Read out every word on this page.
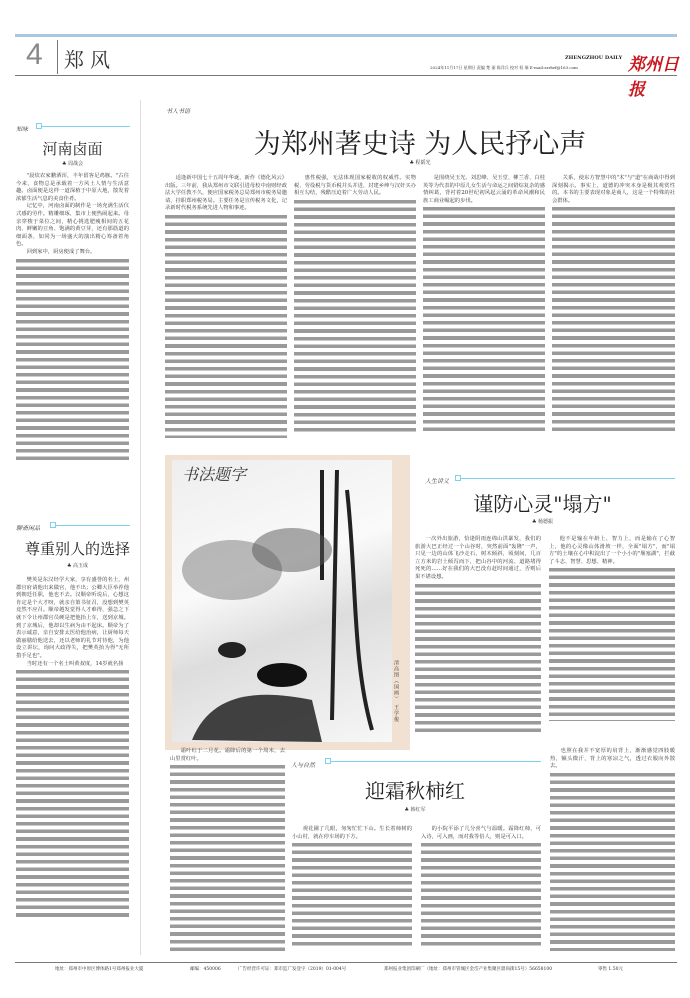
4 郑风	ZHENGZHOU DAILY
2024年11月17日 星期日 责编 楚 丽 陈洋兵 校对 权 瑞 E-mail:zzrbzf@163.com	郑州日报
知味
河南卤面
♣ 周战会

"晨炊农家鹏酒浑，丰年留客足鸡豚。"古往今来，食物总是承载着一方风土人情与生活意趣。卤面便是这样一道深植于中原大地，散发着浓郁生活气息的美食佳肴。

记忆中，河南卤面的制作是一场充满生活仪式感的劳作。精雕细琢，集市上便热闹起来。母亲穿梭于菜位之间，精心挑选肥瘦相间的五花肉、鲜嫩的豆角、饱满的黄豆芽，还有那筋道的细面条，如同为一场盛大的演出精心筹备着角色。

回到家中，厨房便成了舞台。

聊斋闲品
尊重别人的选择
♣ 高玉成

樊英是东汉经学大家，享有盛誉的名士，州郡官府请他出来做官，他不出；公卿大臣举荐他到朝廷任职，他也不去。汉顺帝听说后，心想这肯定是个大才呀，就亲自策书征召，没想到樊英竟然不应召。顺帝越发觉得人才难得，强急之下就下令让州郡官员硬是把他抬上车，送到京城。到了京城后，他却以生病为由不起床。顺帝为了表示诚意，亲自安排太医给他治病，让厨师每天做丽膳给他送去，还以老师的礼节对待他，为他设立讲坛，询问大政得失，把樊英抬为得"无所措手足也"。

当时还有一个名士叫黄叔度，14岁就名扬

书人书语
为郑州著史诗 为人民抒心声
♣ 程韬光

适逢新中国七十五周年华诞，新作《德化风云》出版。三年前，我从郑州市文联引进母校中南财经政法大学任教不久，便应国家税务总局郑州市税务局邀请，挂职郑州税务局。主要任务是宣传税务文化，记录新时代税务系统先进人物和事迹。

惠性税强，无法体现国家税收的权威性。实物税、劳役税与货币税并头并进，封建乡绅与汉奸买办相互勾结，残酷压迫着广大劳动人民。

是围绕吴玉光、刘思峰、吴玉堂、柳兰香、白桂英等为代表的中原儿女生活与命运之间错综复杂的感情纠葛，背衬着20世纪初风起云涌的革命风潮和民族工商业崛起的步伐。

关系，使东方智慧中的"术"与"道"在商战中得到深刻揭示。事实上，道德的冲突本身是极其观赏性的。本书的主要表现对象是商人，这是一个特殊的社会群体。

书法题字
清高图（国画） 王学俊
人生讲义
谨防心灵"塌方"
♣ 杨德振

一次外出旅游，恰逢阴雨连绵山洪暴发，我们的旅游大巴正经过一个山谷时，突然前面"轰隆"一声，只见一边的山体飞沙走石，树木倾斜，顷刻间，几百立方米的岩土倾泻而下，把山谷中的河流、道路堵得死死的……好在我们的大巴没有赶时间通过，否则后果不堪设想。

他不是输在年龄上，智力上，而是输在了心智上，他的心灵像山体滑坡一样，全面"塌方"，而"塌方"的土壤在心中积淀出了一个小小的"堰塞湖"，拦截了斗志、智慧、思想、精神。

霜叶红于二月花。霜降后的第一个周末，去山里赏红叶。

人与自然
迎霜秋柿红
♣ 韩红军

观花圃了几眼，匆匆忙忙下山。生长着柿树的小山村，就在停车场的下方。

的小院平添了几分喜气与温暖。霜降红柿，可入诗，可入画，而对我等俗人，则是可入口。

也照在我并不宽厚的肩背上，渐渐感觉四肢暖热，额头微汗，背上的寒凉之气，透过衣服向外散去。

地址：郑州市中原区博体路1号郑州报业大厦	邮编：450006	广告经营许可证：郑市监广发登字（2019）01-004号	郑州报业集团印刷厂（地址：郑州市管城区金岱产业集聚区鼎尚街15号）56658100	零售 1.50元
